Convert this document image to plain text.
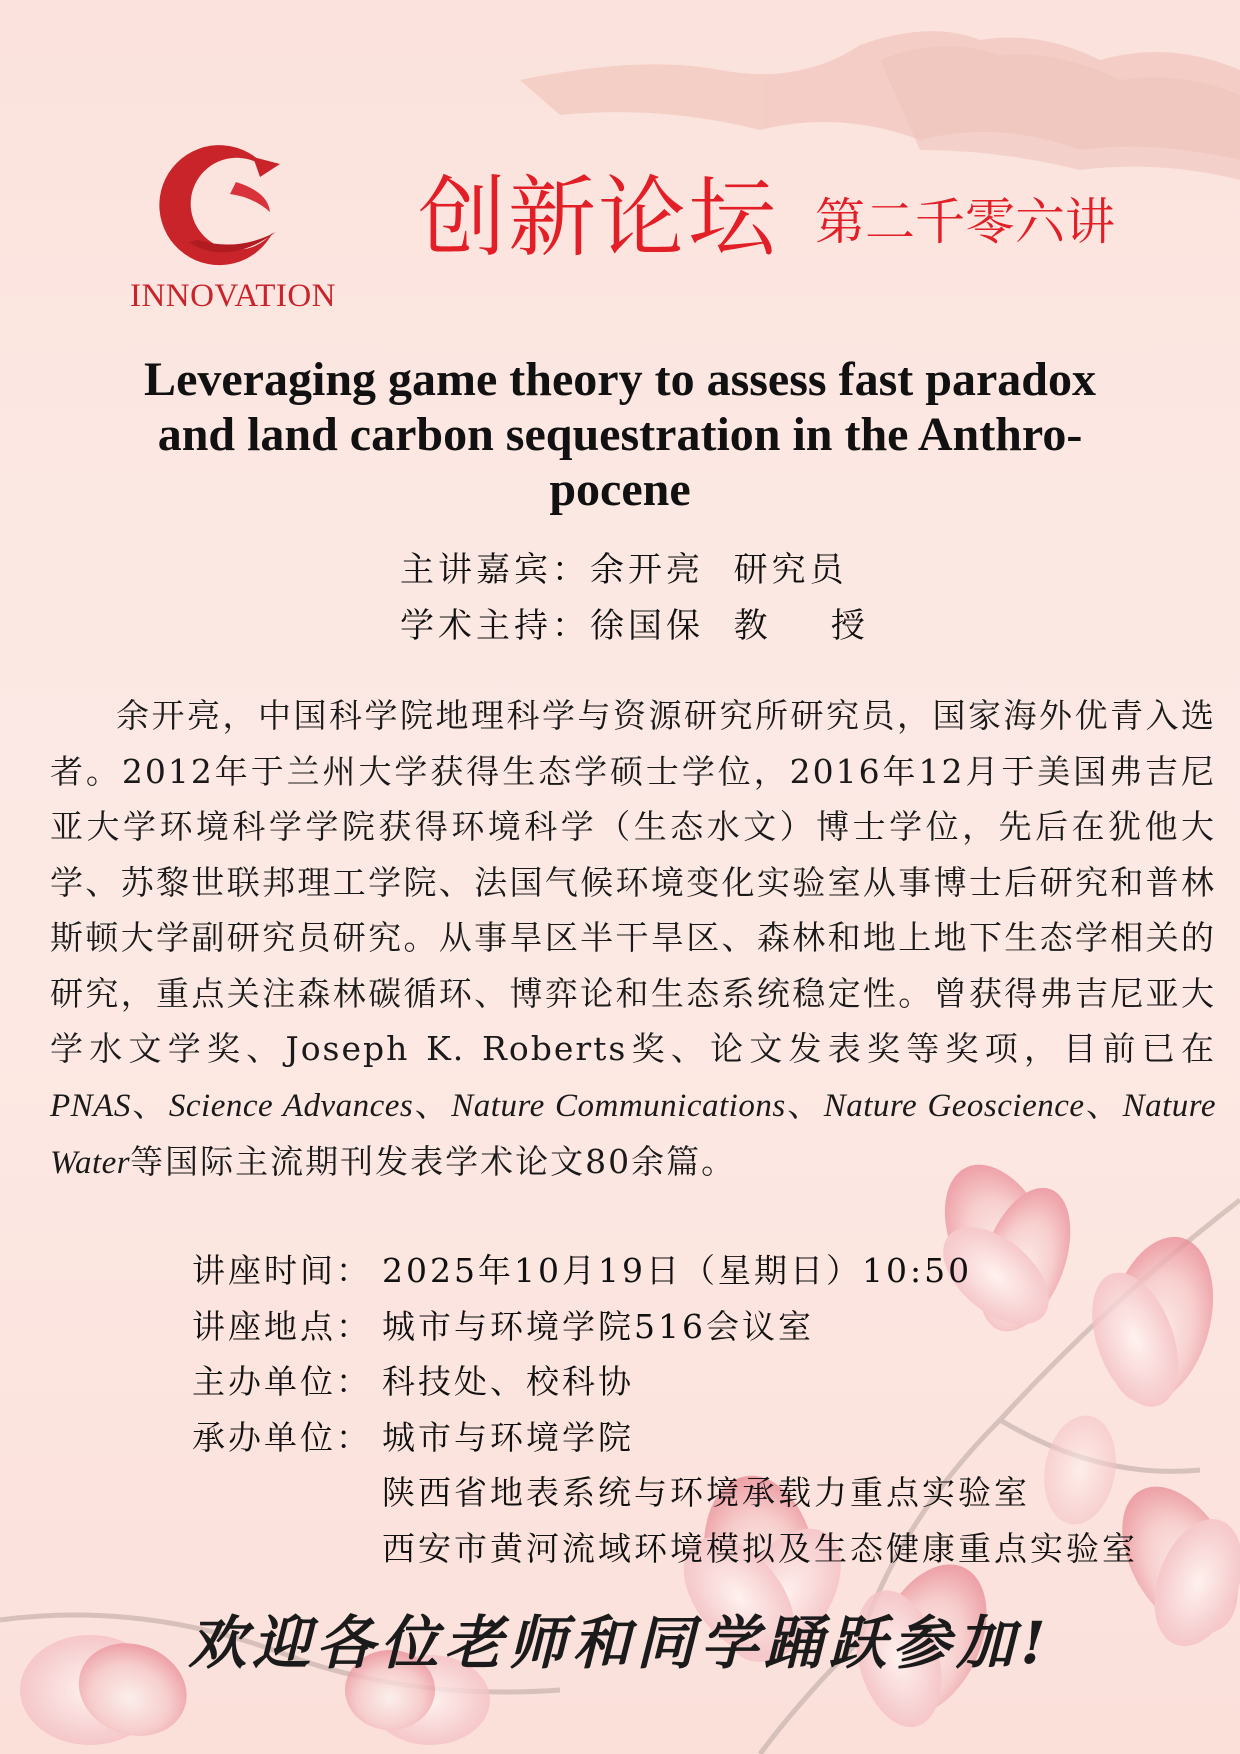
INNOVATION
创新论坛 第二千零六讲
Leveraging game theory to assess fast paradox
and land carbon sequestration in the Anthro-
pocene
主讲嘉宾：余开亮  研究员
学术主持：徐国保  教    授
余开亮，中国科学院地理科学与资源研究所研究员，国家海外优青入选者。2012年于兰州大学获得生态学硕士学位，2016年12月于美国弗吉尼亚大学环境科学学院获得环境科学（生态水文）博士学位，先后在犹他大学、苏黎世联邦理工学院、法国气候环境变化实验室从事博士后研究和普林斯顿大学副研究员研究。从事旱区半干旱区、森林和地上地下生态学相关的研究，重点关注森林碳循环、博弈论和生态系统稳定性。曾获得弗吉尼亚大学水文学奖、Joseph K. Roberts奖、论文发表奖等奖项，目前已在PNAS、Science Advances、Nature Communications、Nature Geoscience、Nature Water等国际主流期刊发表学术论文80余篇。
讲座时间： 2025年10月19日（星期日）10:50
讲座地点： 城市与环境学院516会议室
主办单位： 科技处、校科协
承办单位： 城市与环境学院
陕西省地表系统与环境承载力重点实验室
西安市黄河流域环境模拟及生态健康重点实验室
欢迎各位老师和同学踊跃参加!
